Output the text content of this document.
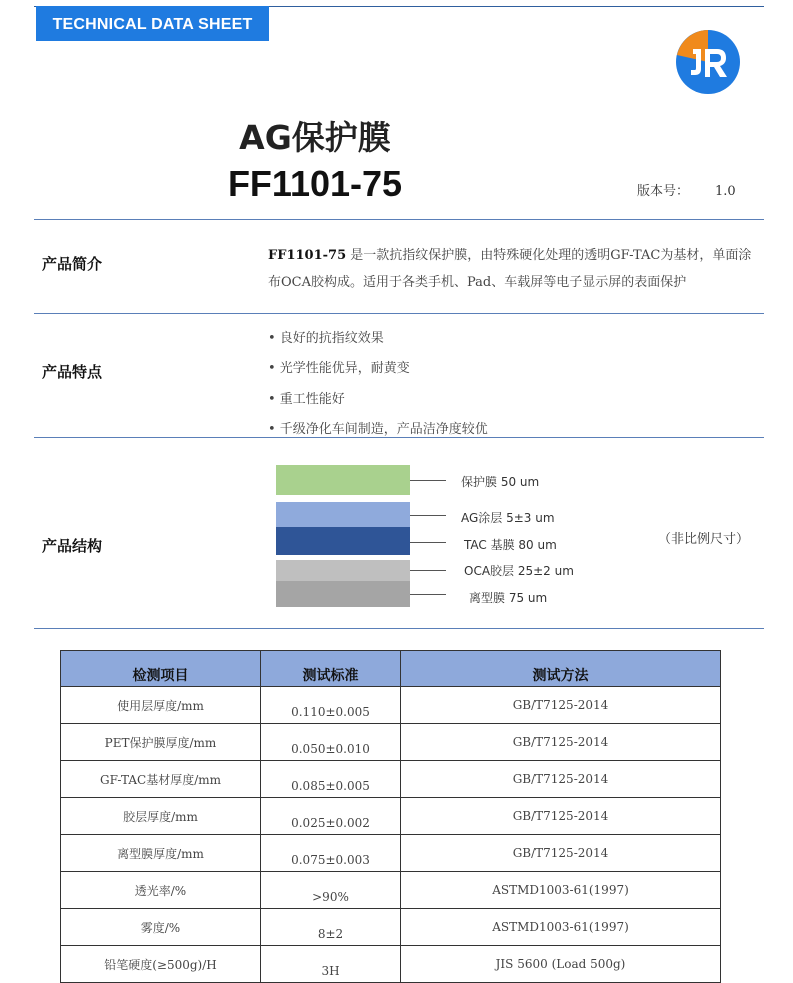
TECHNICAL DATA SHEET
AG保护膜
FF1101-75	版本号： 1.0
产品简介	FF1101-75 是一款抗指纹保护膜，由特殊硬化处理的透明GF-TAC为基材，单面涂布OCA胶构成。适用于各类手机、Pad、车载屏等电子显示屏的表面保护
产品特点
• 良好的抗指纹效果
• 光学性能优异，耐黄变
• 重工性能好
• 千级净化车间制造，产品洁净度较优
产品结构
保护膜 50 um
AG涂层 5±3 um
TAC 基膜 80 um
OCA胶层 25±2 um
离型膜 75 um
（非比例尺寸）
检测项目	测试标准	测试方法
使用层厚度/mm	0.110±0.005	GB/T7125-2014
PET保护膜厚度/mm	0.050±0.010	GB/T7125-2014
GF-TAC基材厚度/mm	0.085±0.005	GB/T7125-2014
胶层厚度/mm	0.025±0.002	GB/T7125-2014
离型膜厚度/mm	0.075±0.003	GB/T7125-2014
透光率/%	>90%	ASTMD1003-61(1997)
雾度/%	8±2	ASTMD1003-61(1997)
铅笔硬度(≥500g)/H	3H	JIS 5600 (Load 500g)
